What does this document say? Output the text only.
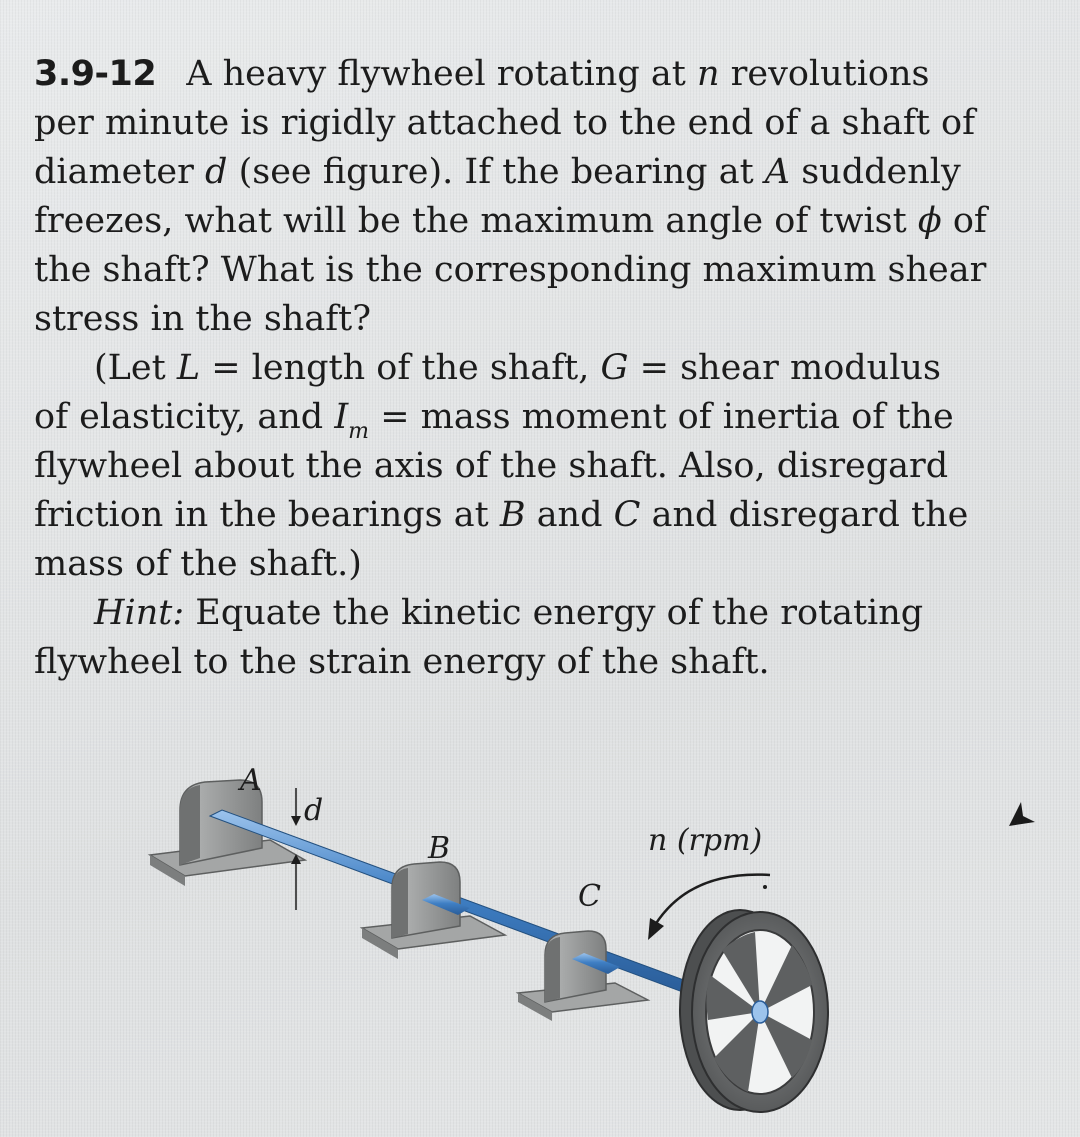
3.9-12 A heavy flywheel rotating at n revolutions
per minute is rigidly attached to the end of a shaft of
diameter d (see figure). If the bearing at A suddenly
freezes, what will be the maximum angle of twist ϕ of
the shaft? What is the corresponding maximum shear
stress in the shaft?
(Let L = length of the shaft, G = shear modulus
of elasticity, and $I_m$ = mass moment of inertia of the
flywheel about the axis of the shaft. Also, disregard
friction in the bearings at B and C and disregard the
mass of the shaft.)
Hint: Equate the kinetic energy of the rotating
flywheel to the strain energy of the shaft.
A
d
B
C
n (rpm)
